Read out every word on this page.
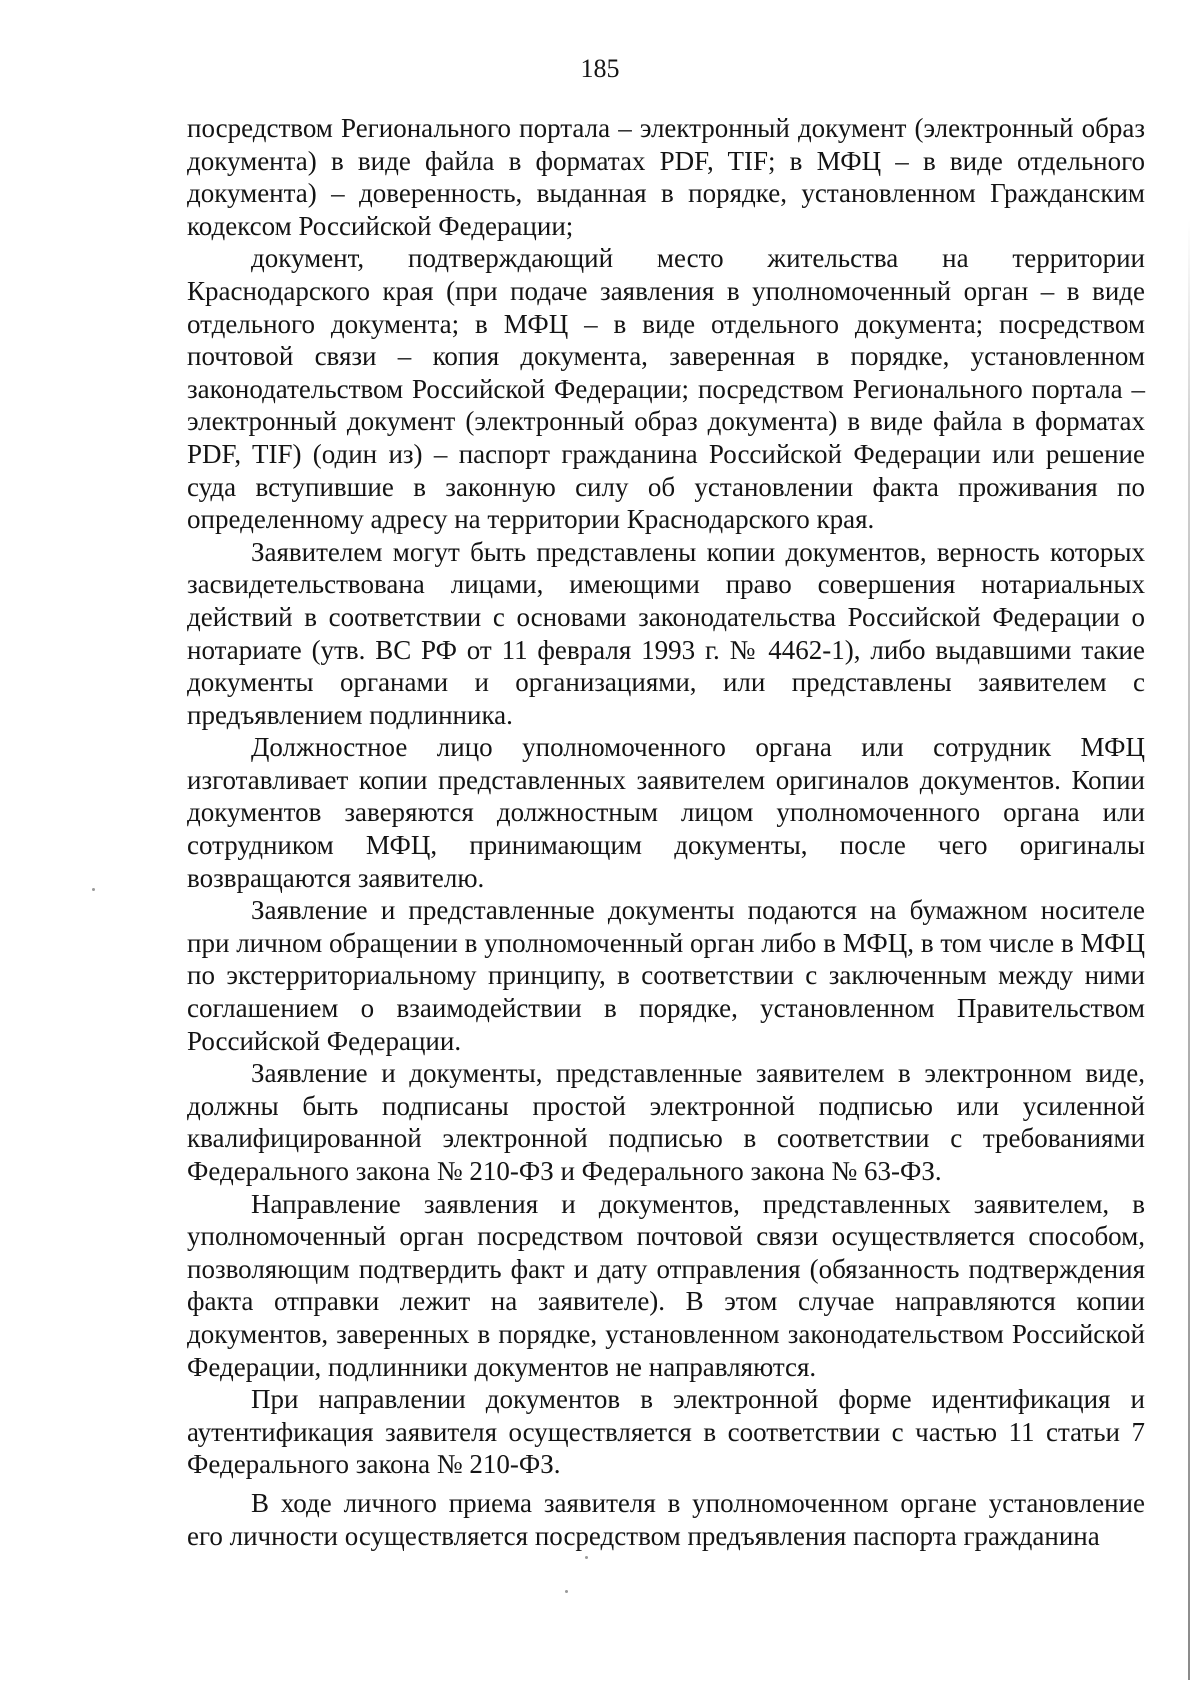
185

посредством Регионального портала – электронный документ (электронный образ документа) в виде файла в форматах PDF, TIF; в МФЦ – в виде отдельного документа) – доверенность, выданная в порядке, установленном Гражданским кодексом Российской Федерации;

документ, подтверждающий место жительства на территории Краснодарского края (при подаче заявления в уполномоченный орган – в виде отдельного документа; в МФЦ – в виде отдельного документа; посредством почтовой связи – копия документа, заверенная в порядке, установленном законодательством Российской Федерации; посредством Регионального портала – электронный документ (электронный образ документа) в виде файла в форматах PDF, TIF) (один из) – паспорт гражданина Российской Федерации или решение суда вступившие в законную силу об установлении факта проживания по определенному адресу на территории Краснодарского края.

Заявителем могут быть представлены копии документов, верность которых засвидетельствована лицами, имеющими право совершения нотариальных действий в соответствии с основами законодательства Российской Федерации о нотариате (утв. ВС РФ от 11 февраля 1993 г. № 4462-1), либо выдавшими такие документы органами и организациями, или представлены заявителем с предъявлением подлинника.

Должностное лицо уполномоченного органа или сотрудник МФЦ изготавливает копии представленных заявителем оригиналов документов. Копии документов заверяются должностным лицом уполномоченного органа или сотрудником МФЦ, принимающим документы, после чего оригиналы возвращаются заявителю.

Заявление и представленные документы подаются на бумажном носителе при личном обращении в уполномоченный орган либо в МФЦ, в том числе в МФЦ по экстерриториальному принципу, в соответствии с заключенным между ними соглашением о взаимодействии в порядке, установленном Правительством Российской Федерации.

Заявление и документы, представленные заявителем в электронном виде, должны быть подписаны простой электронной подписью или усиленной квалифицированной электронной подписью в соответствии с требованиями Федерального закона № 210-ФЗ и Федерального закона № 63-ФЗ.

Направление заявления и документов, представленных заявителем, в уполномоченный орган посредством почтовой связи осуществляется способом, позволяющим подтвердить факт и дату отправления (обязанность подтверждения факта отправки лежит на заявителе). В этом случае направляются копии документов, заверенных в порядке, установленном законодательством Российской Федерации, подлинники документов не направляются.

При направлении документов в электронной форме идентификация и аутентификация заявителя осуществляется в соответствии с частью 11 статьи 7 Федерального закона № 210-ФЗ.

В ходе личного приема заявителя в уполномоченном органе установление его личности осуществляется посредством предъявления паспорта гражданина
